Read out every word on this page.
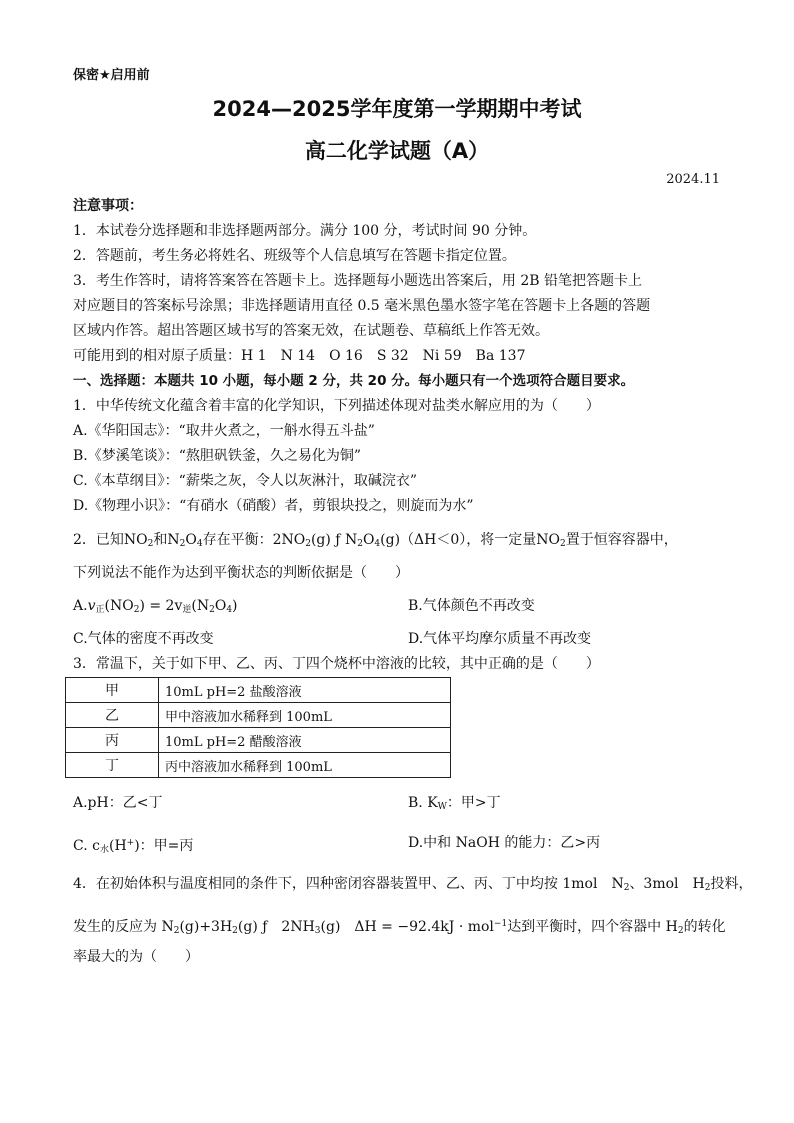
保密★启用前
2024—2025学年度第一学期期中考试
高二化学试题（A）
2024.11
注意事项：
1．本试卷分选择题和非选择题两部分。满分 100 分，考试时间 90 分钟。
2．答题前，考生务必将姓名、班级等个人信息填写在答题卡指定位置。
3．考生作答时，请将答案答在答题卡上。选择题每小题选出答案后，用 2B 铅笔把答题卡上
对应题目的答案标号涂黑；非选择题请用直径 0.5 毫米黑色墨水签字笔在答题卡上各题的答题
区域内作答。超出答题区域书写的答案无效，在试题卷、草稿纸上作答无效。
可能用到的相对原子质量：H 1　N 14　O 16　S 32　Ni 59　Ba 137
一、选择题：本题共 10 小题，每小题 2 分，共 20 分。每小题只有一个选项符合题目要求。
1．中华传统文化蕴含着丰富的化学知识，下列描述体现对盐类水解应用的为（　　）
A.《华阳国志》：“取井火煮之，一斛水得五斗盐”
B.《梦溪笔谈》：“熬胆矾铁釜，久之易化为铜”
C.《本草纲目》：“薪柴之灰，令人以灰淋汁，取碱浣衣”
D.《物理小识》：“有硝水（硝酸）者，剪银块投之，则旋而为水”
2．已知$NO_2$和$N_2O_4$存在平衡：$2NO_2(g)$ ƒ $N_2O_4(g)(\Delta H<0)$，将一定量$NO_2$置于恒容容器中，
下列说法不能作为达到平衡状态的判断依据是（　　）
$A.v_正(NO_2) = 2v_逆(N_2O_4)$	B.气体颜色不再改变
C.气体的密度不再改变	D.气体平均摩尔质量不再改变
3．常温下，关于如下甲、乙、丙、丁四个烧杯中溶液的比较，其中正确的是（　　）
甲	10mL pH=2 盐酸溶液
乙	甲中溶液加水稀释到 100mL
丙	10mL pH=2 醋酸溶液
丁	丙中溶液加水稀释到 100mL
A.pH：乙<丁	B. $K_W$：甲>丁
C. $c_水(H^+)$：甲=丙	D.中和 NaOH 的能力：乙>丙
4．在初始体积与温度相同的条件下，四种密闭容器装置甲、乙、丙、丁中均按 1mol　$N_2$、3mol　$H_2$投料，
发生的反应为 $N_2(g)+3H_2(g)$ ƒ　$2NH_3(g)$　ΔH = −92.4kJ · mol$^{-1}$达到平衡时，四个容器中 $H_2$的转化
率最大的为（　　）
